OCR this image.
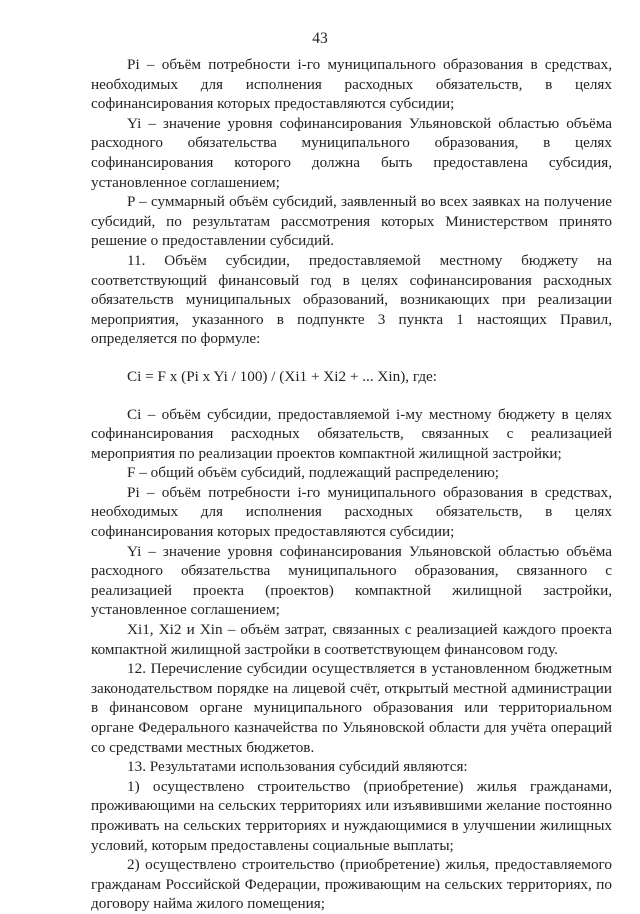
43

Pi – объём потребности i-го муниципального образования в средствах, необходимых для исполнения расходных обязательств, в целях софинансирования которых предоставляются субсидии;

Yi – значение уровня софинансирования Ульяновской областью объёма расходного обязательства муниципального образования, в целях софинансирования которого должна быть предоставлена субсидия, установленное соглашением;

P – суммарный объём субсидий, заявленный во всех заявках на получение субсидий, по результатам рассмотрения которых Министерством принято решение о предоставлении субсидий.

11. Объём субсидии, предоставляемой местному бюджету на соответствующий финансовый год в целях софинансирования расходных обязательств муниципальных образований, возникающих при реализации мероприятия, указанного в подпункте 3 пункта 1 настоящих Правил, определяется по формуле:

Ci = F x (Pi x Yi / 100) / (Xi1 + Xi2 + ... Xin), где:

Ci – объём субсидии, предоставляемой i-му местному бюджету в целях софинансирования расходных обязательств, связанных с реализацией мероприятия по реализации проектов компактной жилищной застройки;

F – общий объём субсидий, подлежащий распределению;

Pi – объём потребности i-го муниципального образования в средствах, необходимых для исполнения расходных обязательств, в целях софинансирования которых предоставляются субсидии;

Yi – значение уровня софинансирования Ульяновской областью объёма расходного обязательства муниципального образования, связанного с реализацией проекта (проектов) компактной жилищной застройки, установленное соглашением;

Xi1, Xi2 и Xin – объём затрат, связанных с реализацией каждого проекта компактной жилищной застройки в соответствующем финансовом году.

12. Перечисление субсидии осуществляется в установленном бюджетным законодательством порядке на лицевой счёт, открытый местной администрации в финансовом органе муниципального образования или территориальном органе Федерального казначейства по Ульяновской области для учёта операций со средствами местных бюджетов.

13. Результатами использования субсидий являются:

1) осуществлено строительство (приобретение) жилья гражданами, проживающими на сельских территориях или изъявившими желание постоянно проживать на сельских территориях и нуждающимися в улучшении жилищных условий, которым предоставлены социальные выплаты;

2) осуществлено строительство (приобретение) жилья, предоставляемого гражданам Российской Федерации, проживающим на сельских территориях, по договору найма жилого помещения;
